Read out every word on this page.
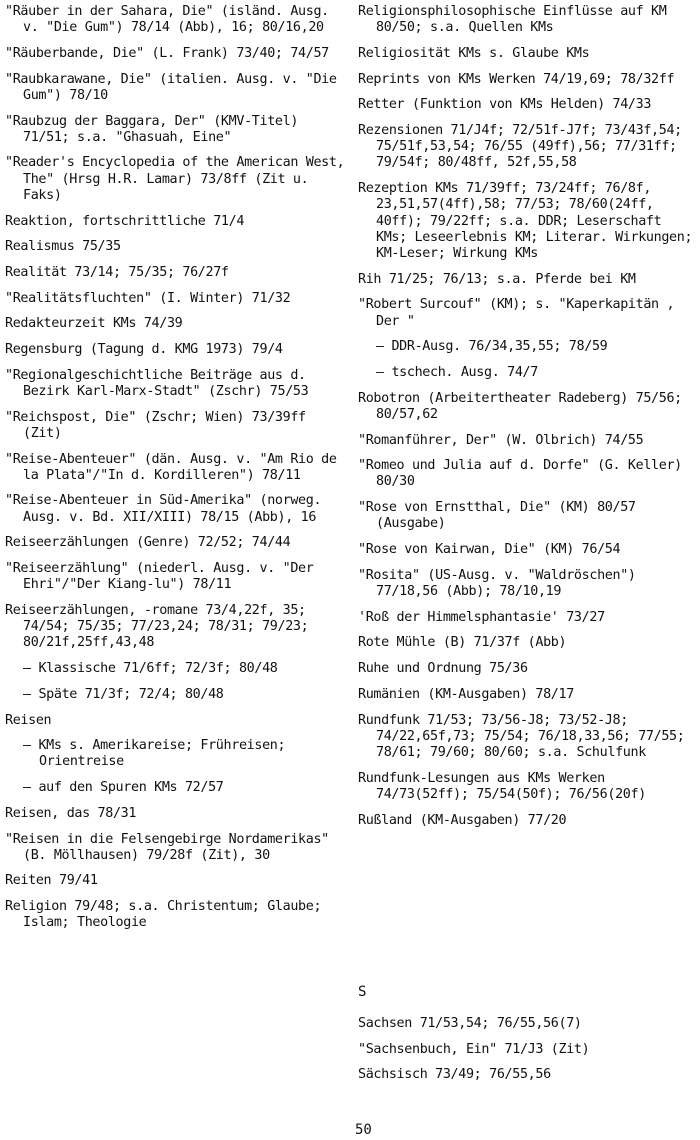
"Räuber in der Sahara, Die" (isländ. Ausg. v. "Die Gum") 78/14 (Abb), 16; 80/16,20
"Räuberbande, Die" (L. Frank) 73/40; 74/57
"Raubkarawane, Die" (italien. Ausg. v. "Die Gum") 78/10
"Raubzug der Baggara, Der" (KMV-Titel) 71/51; s.a. "Ghasuah, Eine"
"Reader's Encyclopedia of the American West, The" (Hrsg H.R. Lamar) 73/8ff (Zit u. Faks)
Reaktion, fortschrittliche 71/4
Realismus 75/35
Realität 73/14; 75/35; 76/27f
"Realitätsfluchten" (I. Winter) 71/32
Redakteurzeit KMs 74/39
Regensburg (Tagung d. KMG 1973) 79/4
"Regionalgeschichtliche Beiträge aus d. Bezirk Karl-Marx-Stadt" (Zschr) 75/53
"Reichspost, Die" (Zschr; Wien) 73/39ff (Zit)
"Reise-Abenteuer" (dän. Ausg. v. "Am Rio de la Plata"/"In d. Kordilleren") 78/11
"Reise-Abenteuer in Süd-Amerika" (norweg. Ausg. v. Bd. XII/XIII) 78/15 (Abb), 16
Reiseerzählungen (Genre) 72/52; 74/44
"Reiseerzählung" (niederl. Ausg. v. "Der Ehri"/"Der Kiang-lu") 78/11
Reiseerzählungen, -romane 73/4,22f, 35; 74/54; 75/35; 77/23,24; 78/31; 79/23; 80/21f,25ff,43,48
– Klassische 71/6ff; 72/3f; 80/48
– Späte 71/3f; 72/4; 80/48
Reisen
– KMs s. Amerikareise; Frühreisen; Orientreise
– auf den Spuren KMs 72/57
Reisen, das 78/31
"Reisen in die Felsengebirge Nordamerikas" (B. Möllhausen) 79/28f (Zit), 30
Reiten 79/41
Religion 79/48; s.a. Christentum; Glaube; Islam; Theologie
Religionsphilosophische Einflüsse auf KM 80/50; s.a. Quellen KMs
Religiosität KMs s. Glaube KMs
Reprints von KMs Werken 74/19,69; 78/32ff
Retter (Funktion von KMs Helden) 74/33
Rezensionen 71/J4f; 72/51f-J7f; 73/43f,54; 75/51f,53,54; 76/55 (49ff),56; 77/31ff; 79/54f; 80/48ff, 52f,55,58
Rezeption KMs 71/39ff; 73/24ff; 76/8f, 23,51,57(4ff),58; 77/53; 78/60(24ff, 40ff); 79/22ff; s.a. DDR; Leserschaft KMs; Leseerlebnis KM; Literar. Wirkungen; KM-Leser; Wirkung KMs
Rih 71/25; 76/13; s.a. Pferde bei KM
"Robert Surcouf" (KM); s. "Kaperkapitän , Der "
– DDR-Ausg. 76/34,35,55; 78/59
– tschech. Ausg. 74/7
Robotron (Arbeitertheater Radeberg) 75/56; 80/57,62
"Romanführer, Der" (W. Olbrich) 74/55
"Romeo und Julia auf d. Dorfe" (G. Keller) 80/30
"Rose von Ernstthal, Die" (KM) 80/57 (Ausgabe)
"Rose von Kairwan, Die" (KM) 76/54
"Rosita" (US-Ausg. v. "Waldröschen") 77/18,56 (Abb); 78/10,19
'Roß der Himmelsphantasie' 73/27
Rote Mühle (B) 71/37f (Abb)
Ruhe und Ordnung 75/36
Rumänien (KM-Ausgaben) 78/17
Rundfunk 71/53; 73/56-J8; 73/52-J8; 74/22,65f,73; 75/54; 76/18,33,56; 77/55; 78/61; 79/60; 80/60; s.a. Schulfunk
Rundfunk-Lesungen aus KMs Werken 74/73(52ff); 75/54(50f); 76/56(20f)
Rußland (KM-Ausgaben) 77/20
S
Sachsen 71/53,54; 76/55,56(7)
"Sachsenbuch, Ein" 71/J3 (Zit)
Sächsisch 73/49; 76/55,56
50
